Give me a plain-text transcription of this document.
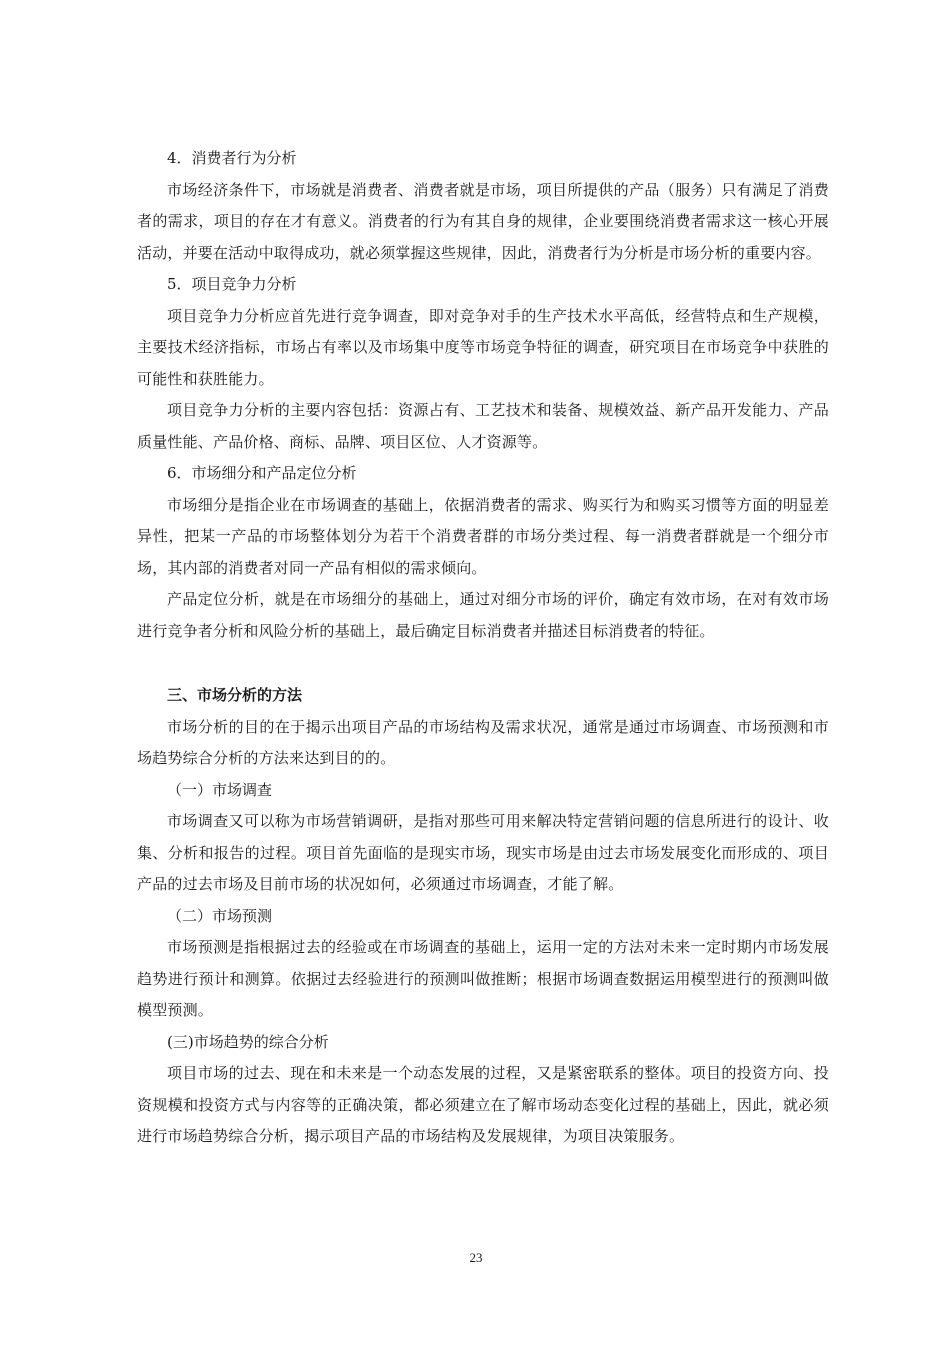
4．消费者行为分析

市场经济条件下，市场就是消费者、消费者就是市场，项目所提供的产品（服务）只有满足了消费者的需求，项目的存在才有意义。消费者的行为有其自身的规律，企业要围绕消费者需求这一核心开展活动，并要在活动中取得成功，就必须掌握这些规律，因此，消费者行为分析是市场分析的重要内容。

5．项目竞争力分析

项目竞争力分析应首先进行竞争调查，即对竞争对手的生产技术水平高低，经营特点和生产规模，主要技术经济指标，市场占有率以及市场集中度等市场竞争特征的调查，研究项目在市场竞争中获胜的可能性和获胜能力。

项目竞争力分析的主要内容包括：资源占有、工艺技术和装备、规模效益、新产品开发能力、产品质量性能、产品价格、商标、品牌、项目区位、人才资源等。

6．市场细分和产品定位分析

市场细分是指企业在市场调查的基础上，依据消费者的需求、购买行为和购买习惯等方面的明显差异性，把某一产品的市场整体划分为若干个消费者群的市场分类过程、每一消费者群就是一个细分市场，其内部的消费者对同一产品有相似的需求倾向。

产品定位分析，就是在市场细分的基础上，通过对细分市场的评价，确定有效市场，在对有效市场进行竞争者分析和风险分析的基础上，最后确定目标消费者并描述目标消费者的特征。

三、市场分析的方法

市场分析的目的在于揭示出项目产品的市场结构及需求状况，通常是通过市场调查、市场预测和市场趋势综合分析的方法来达到目的的。

（一）市场调查

市场调查又可以称为市场营销调研，是指对那些可用来解决特定营销问题的信息所进行的设计、收集、分析和报告的过程。项目首先面临的是现实市场，现实市场是由过去市场发展变化而形成的、项目产品的过去市场及目前市场的状况如何，必须通过市场调查，才能了解。

（二）市场预测

市场预测是指根据过去的经验或在市场调查的基础上，运用一定的方法对未来一定时期内市场发展趋势进行预计和测算。依据过去经验进行的预测叫做推断；根据市场调查数据运用模型进行的预测叫做模型预测。

(三)市场趋势的综合分析

项目市场的过去、现在和未来是一个动态发展的过程，又是紧密联系的整体。项目的投资方向、投资规模和投资方式与内容等的正确决策，都必须建立在了解市场动态变化过程的基础上，因此，就必须进行市场趋势综合分析，揭示项目产品的市场结构及发展规律，为项目决策服务。

23
